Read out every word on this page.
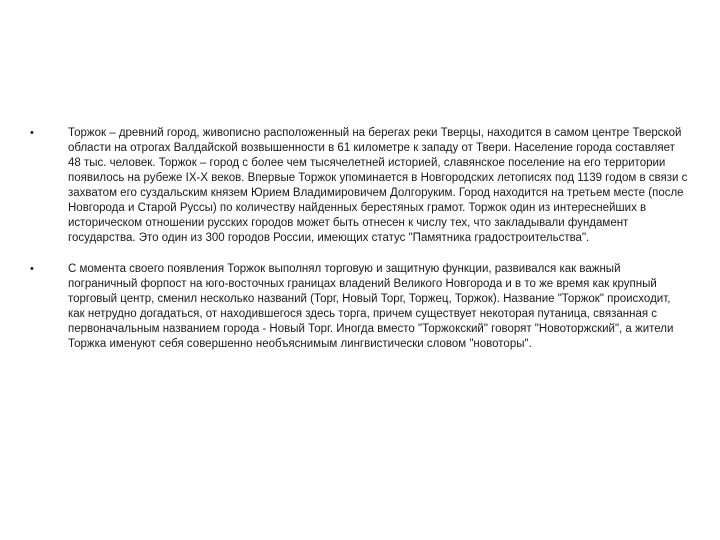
•	Торжок – древний город, живописно расположенный на берегах реки Тверцы, находится в самом центре Тверской области на отрогах Валдайской возвышенности в 61 километре к западу от Твери. Население города составляет 48 тыс. человек. Торжок – город с более чем тысячелетней историей, славянское поселение на его территории появилось на рубеже IX-X веков. Впервые Торжок упоминается в Новгородских летописях под 1139 годом в связи с захватом его суздальским князем Юрием Владимировичем Долгоруким. Город находится на третьем месте (после Новгорода и Старой Руссы) по количеству найденных берестяных грамот. Торжок один из интереснейших в историческом отношении русских городов может быть отнесен к числу тех, что закладывали фундамент государства. Это один из 300 городов России, имеющих статус "Памятника градостроительства".
•	С момента своего появления Торжок выполнял торговую и защитную функции, развивался как важный пограничный форпост на юго-восточных границах владений Великого Новгорода и в то же время как крупный торговый центр, сменил несколько названий (Торг, Новый Торг, Торжец, Торжок). Название "Торжок" происходит, как нетрудно догадаться, от находившегося здесь торга, причем существует некоторая путаница, связанная с первоначальным названием города - Новый Торг. Иногда вместо "Торжокский" говорят "Новоторжский", а жители Торжка именуют себя совершенно необъяснимым лингвистически словом "новоторы".
